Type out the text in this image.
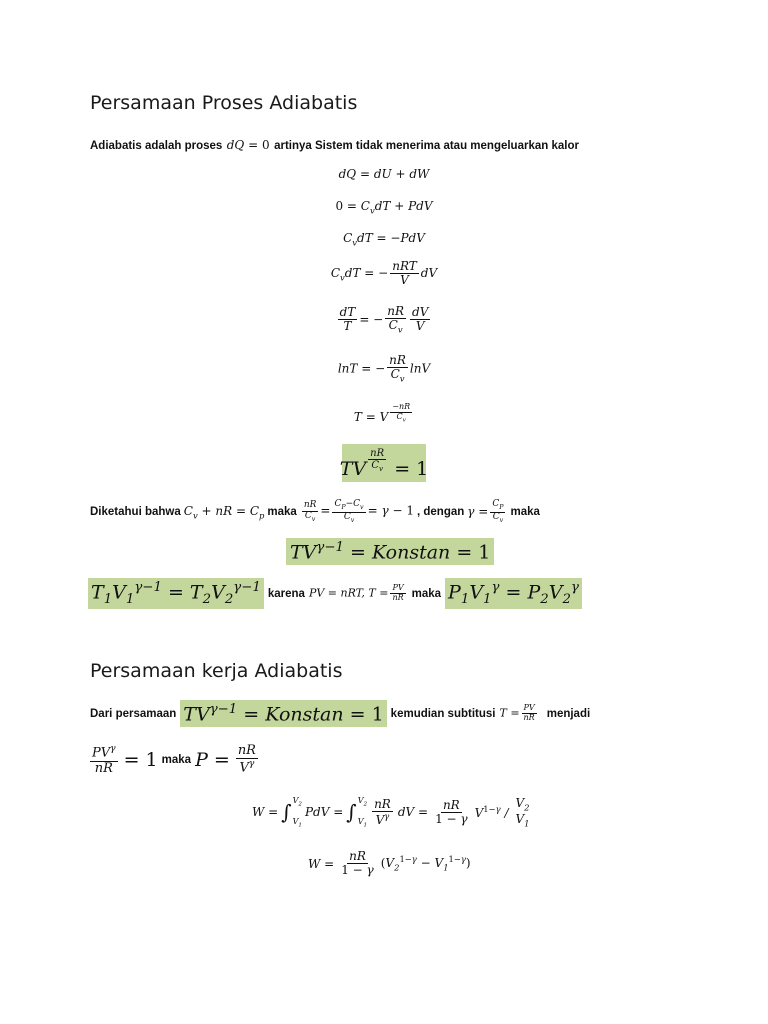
Persamaan Proses Adiabatis
Adiabatis adalah proses dQ = 0 artinya Sistem tidak menerima atau mengeluarkan kalor
dQ = dU + dW
$0 = C_vdT$ + PdV
$C_vdT = -PdV$
$C_vdT$ = − $\frac{\text{nRT}}{V}$ dV
$\frac{dT}{T}$ = − $\frac{nR}{C_v} \frac{dV}{V}$
lnT = − $\frac{nR}{C_v}$ lnV
T = V $^{\frac{-nR}{C_v}}$
TV $^{\frac{nR}{C_v}}$ = 1
Diketahui bahwa $C_v$ + nR = $C_p$ maka $\frac{nR}{C_v} = \frac{C_P-C_v}{C_v} = \gamma - 1$ , dengan $\gamma = \frac{C_P}{C_v}$ maka
$TV^{\gamma-1}$ = Konstan = 1
$T_1V_1^{\gamma-1} = T_2V_2^{\gamma-1}$ karena PV = nRT, $T = \frac{PV}{nR}$ maka $P_1V_1^\gamma = P_2V_2^\gamma$
Persamaan kerja Adiabatis
Dari persamaan $TV^{\gamma-1}$ = Konstan = 1 kemudian subtitusi $T = \frac{PV}{nR}$ menjadi
$\frac{PV^\gamma}{nR} = 1$ maka $P = \frac{nR}{V^\gamma}$
W = ∫ $V_2$
$V_1$
PdV = ∫ $V_2$
$V_1 \frac{nR}{V^\gamma}$ dV = $\frac{nR}{1 - \gamma} V^{1-\gamma}$ /
$V_2$
$V_1$
$W = \frac{nR}{1 - \gamma} (V_2^{1-\gamma} - V_1^{1-\gamma})$
